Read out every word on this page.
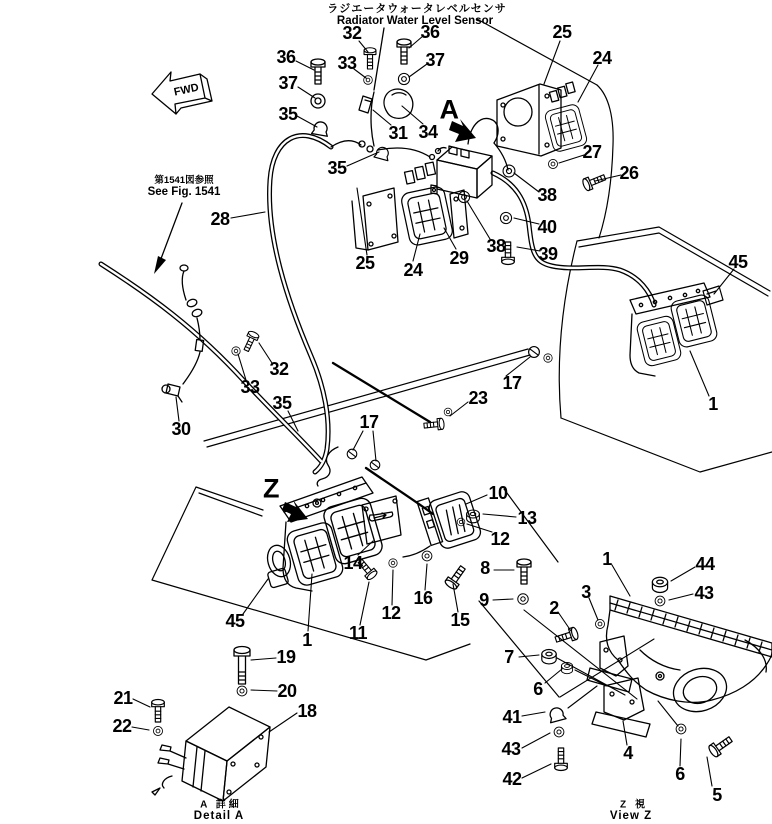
FWD
ラジエータウォータレベルセンサ
Radiator Water Level Sensor
第1541図参照
See Fig. 1541
A 詳細
Detail A
Z 視
View Z
36
32	36
37
33
37
35
31 34
A
25
24
35
27
26
38
28	40
25 24
29
38 39	45
32
33	17
35	23	1
17
30
Z	10
13
12
14	8	44
1
43
9	2
3
16
12	15
45
11
1
7
19
6
20
21
18	41
22
43	4
42	6
5
